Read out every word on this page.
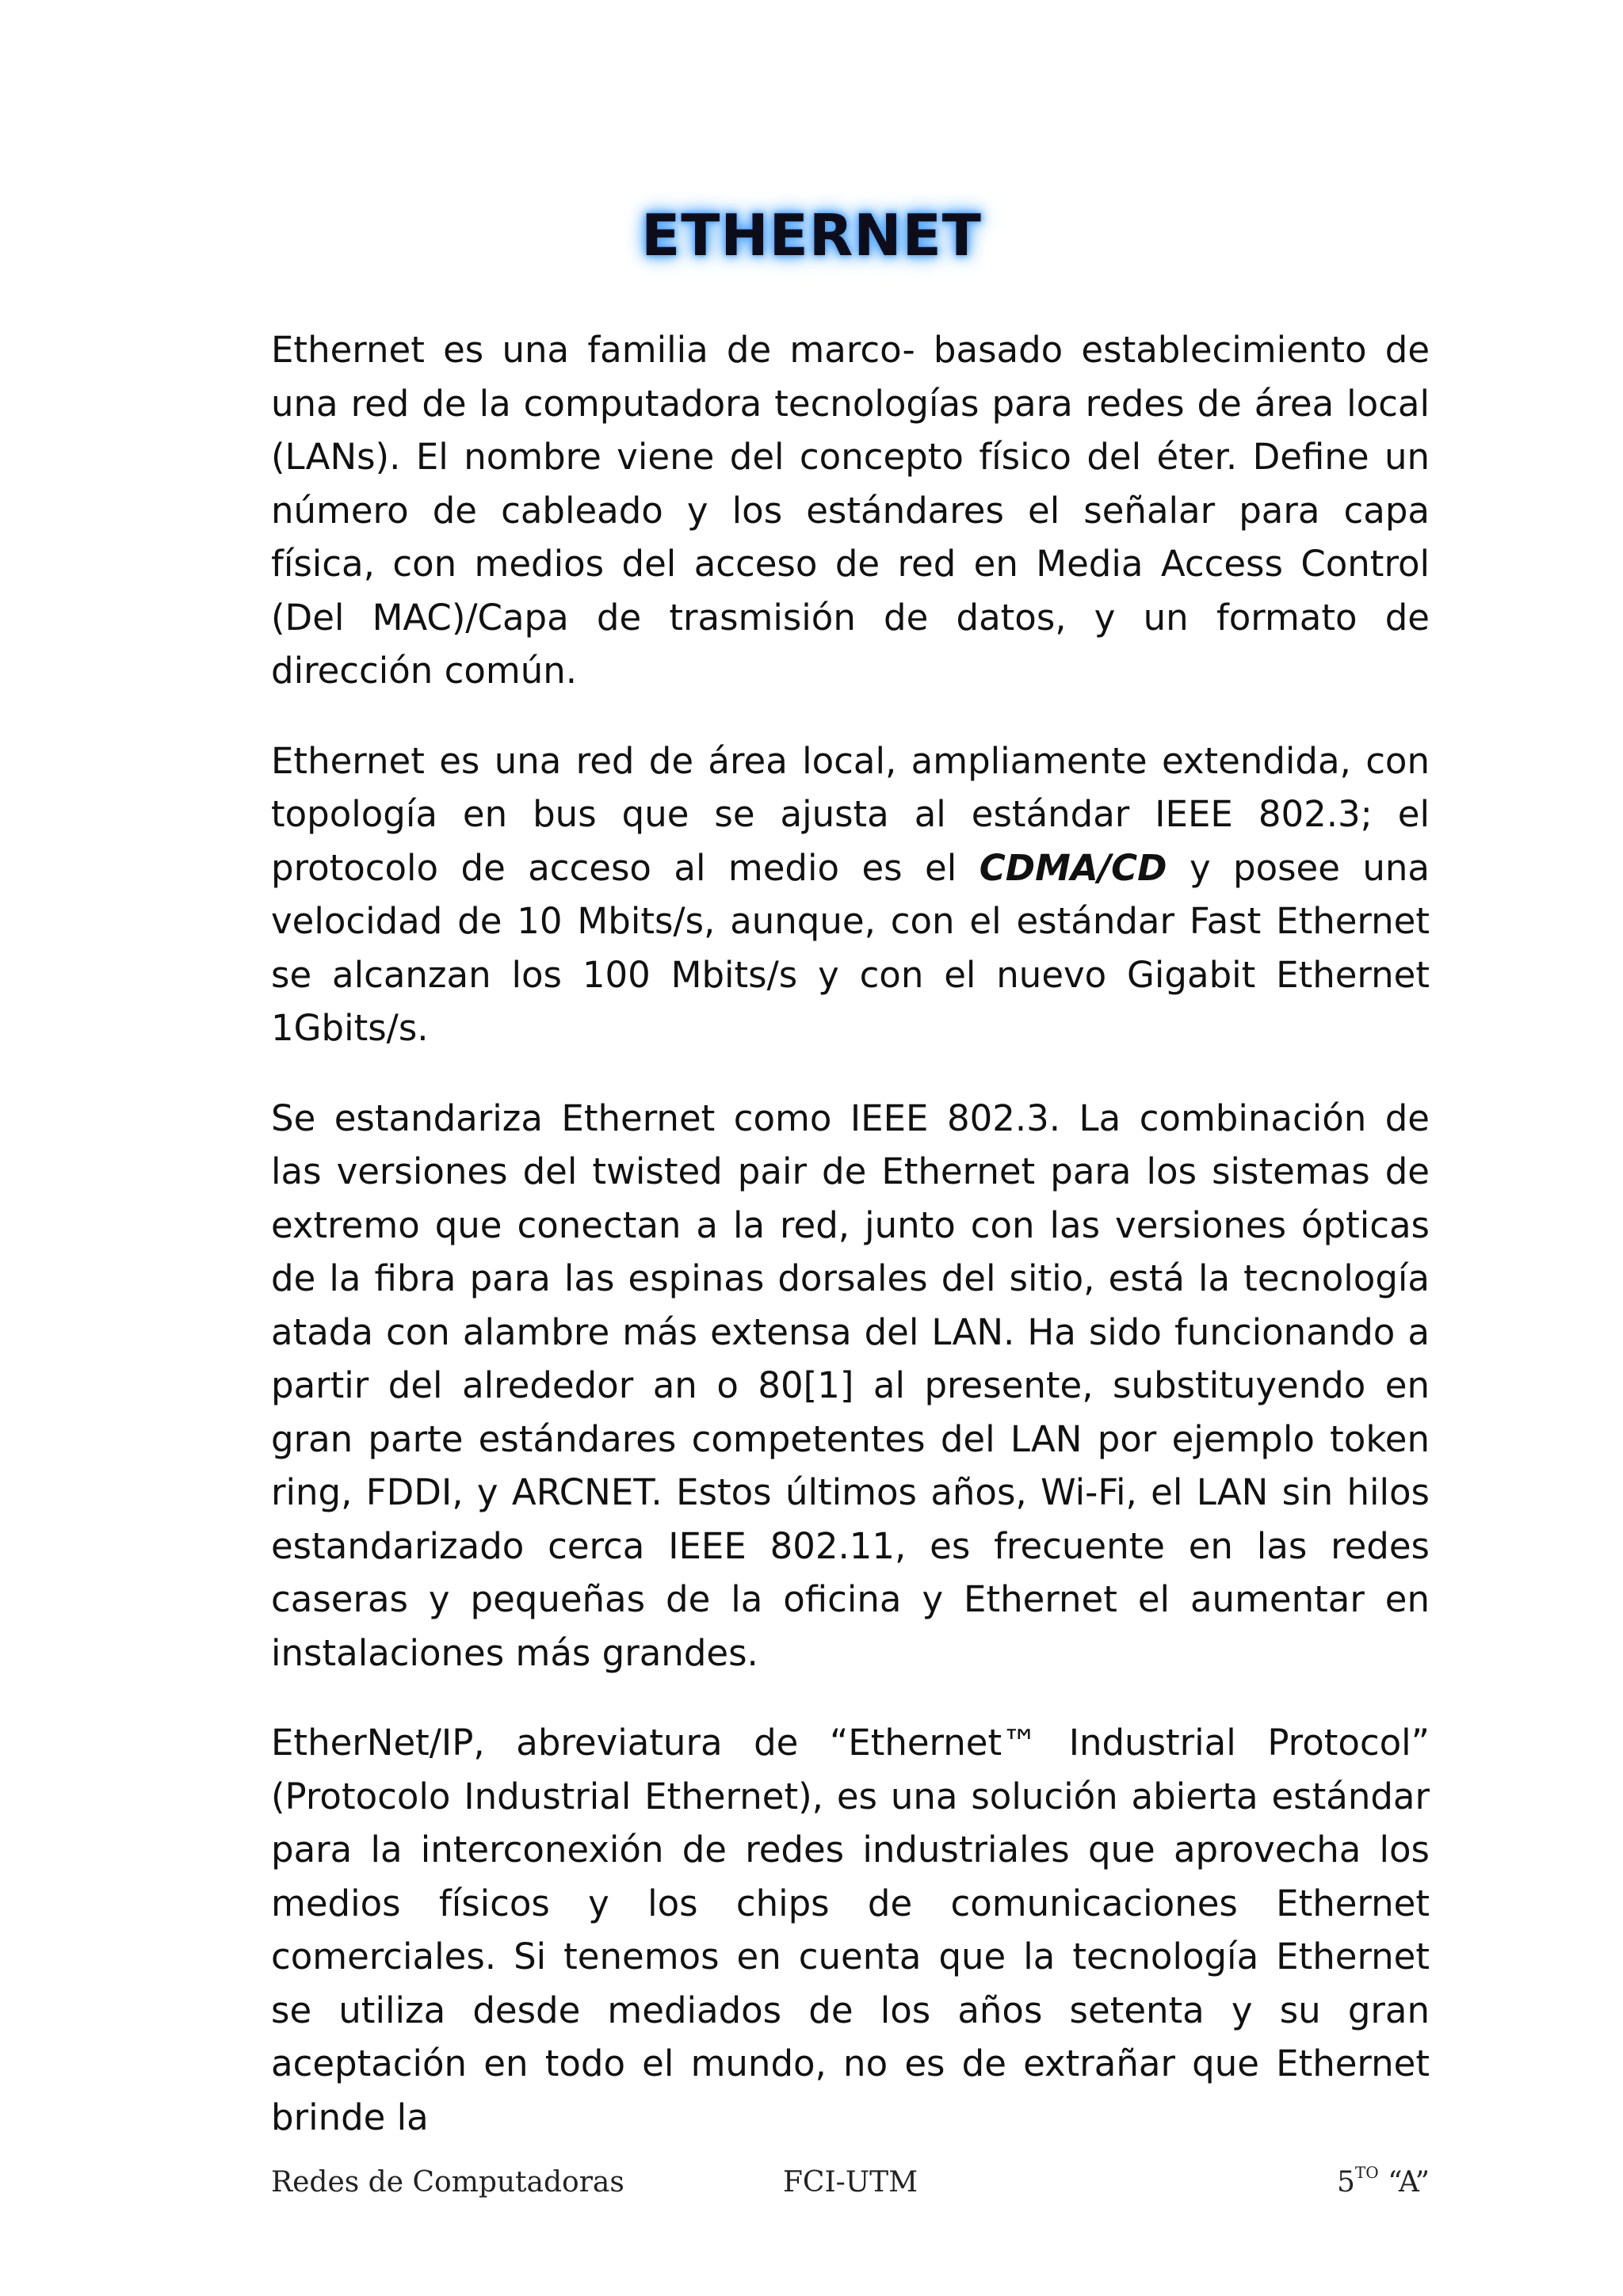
ETHERNET

Ethernet es una familia de marco- basado establecimiento de una red de la computadora tecnologías para redes de área local (LANs). El nombre viene del concepto físico del éter. Define un número de cableado y los estándares el señalar para capa física, con medios del acceso de red en Media Access Control (Del MAC)/Capa de trasmisión de datos, y un formato de dirección común.

Ethernet es una red de área local, ampliamente extendida, con topología en bus que se ajusta al estándar IEEE 802.3; el protocolo de acceso al medio es el CDMA/CD y posee una velocidad de 10 Mbits/s, aunque, con el estándar Fast Ethernet se alcanzan los 100 Mbits/s y con el nuevo Gigabit Ethernet 1Gbits/s.

Se estandariza Ethernet como IEEE 802.3. La combinación de las versiones del twisted pair de Ethernet para los sistemas de extremo que conectan a la red, junto con las versiones ópticas de la fibra para las espinas dorsales del sitio, está la tecnología atada con alambre más extensa del LAN. Ha sido funcionando a partir del alrededor an o 80[1] al presente, substituyendo en gran parte estándares competentes del LAN por ejemplo token ring, FDDI, y ARCNET. Estos últimos años, Wi-Fi, el LAN sin hilos estandarizado cerca IEEE 802.11, es frecuente en las redes caseras y pequeñas de la oficina y Ethernet el aumentar en instalaciones más grandes.

EtherNet/IP, abreviatura de “Ethernet™ Industrial Protocol” (Protocolo Industrial Ethernet), es una solución abierta estándar para la interconexión de redes industriales que aprovecha los medios físicos y los chips de comunicaciones Ethernet comerciales. Si tenemos en cuenta que la tecnología Ethernet se utiliza desde mediados de los años setenta y su gran aceptación en todo el mundo, no es de extrañar que Ethernet brinde la

Redes de Computadoras	FCI-UTM	$5^{TO}$ “A”
